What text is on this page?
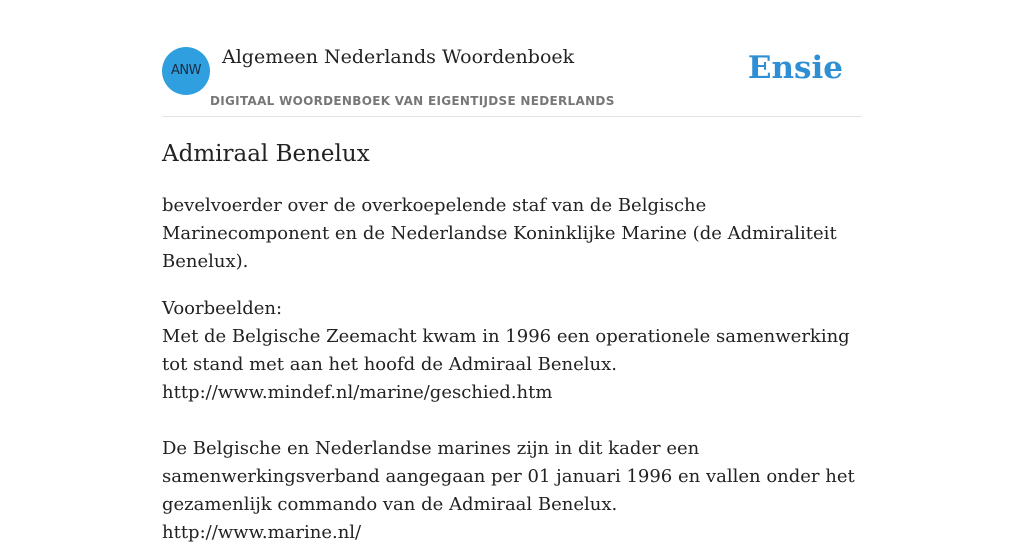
ANW
Algemeen Nederlands Woordenboek
DIGITAAL WOORDENBOEK VAN EIGENTIJDSE NEDERLANDS
Ensie
Admiraal Benelux

bevelvoerder over de overkoepelende staf van de Belgische Marinecomponent en de Nederlandse Koninklijke Marine (de Admiraliteit Benelux).

Voorbeelden:
Met de Belgische Zeemacht kwam in 1996 een operationele samenwerking tot stand met aan het hoofd de Admiraal Benelux.
http://www.mindef.nl/marine/geschied.htm
De Belgische en Nederlandse marines zijn in dit kader een samenwerkingsverband aangegaan per 01 januari 1996 en vallen onder het gezamenlijk commando van de Admiraal Benelux.
http://www.marine.nl/
